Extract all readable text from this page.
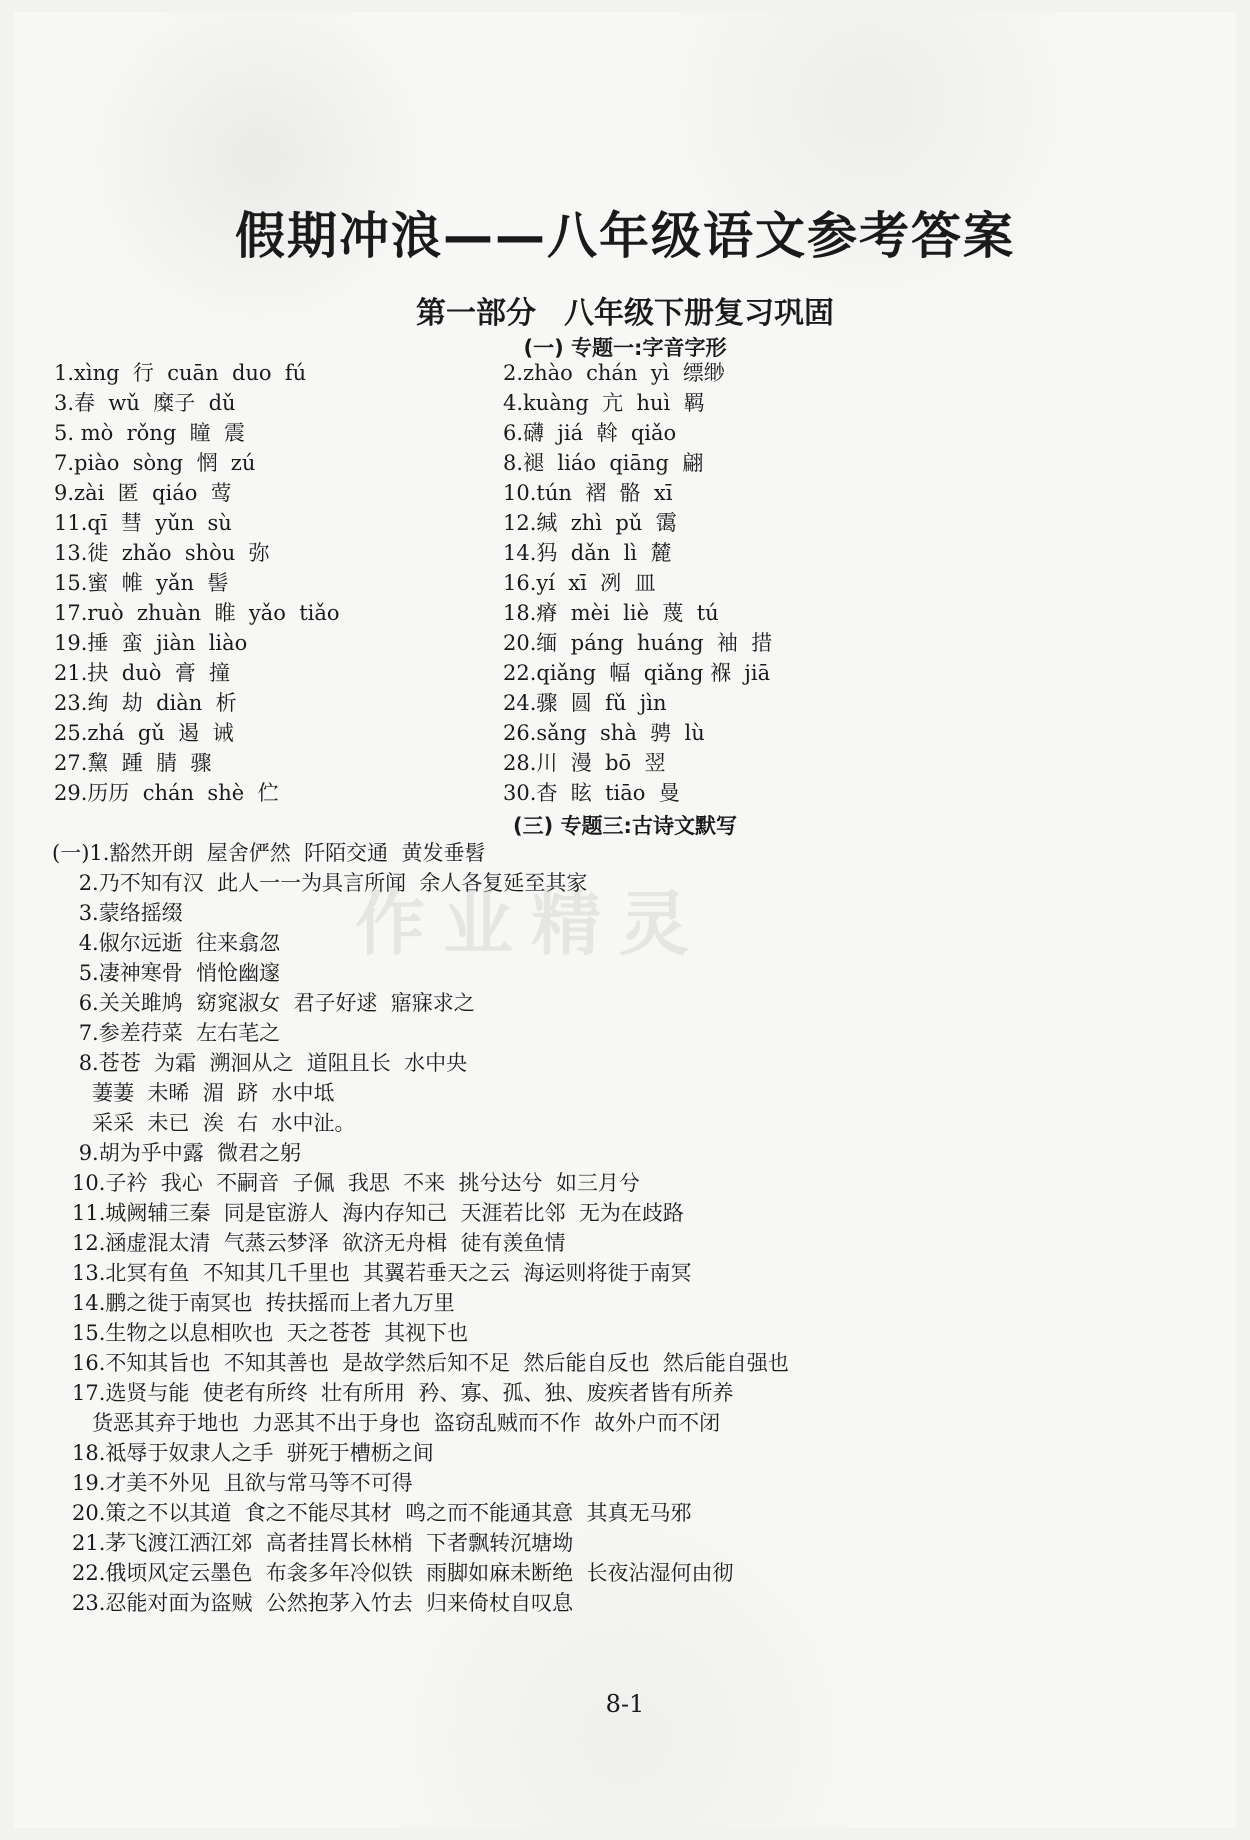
假期冲浪——八年级语文参考答案
第一部分 八年级下册复习巩固
(一) 专题一:字音字形
1.xìng  行  cuān  duo  fú
3.春  wǔ  糜子  dǔ
5. mò  rǒng  瞳  震
7.piào  sòng  惘  zú
9.zài  匿  qiáo  莺
11.qī  彗  yǔn  sù
13.徙  zhǎo  shòu  弥
15.蜜  帷  yǎn  髻
17.ruò  zhuàn  睢  yǎo  tiǎo
19.捶  蛮  jiàn  liào
21.抉  duò  膏  撞
23.绚  劫  diàn  析
25.zhá  gǔ  遏  诫
27.黧  踵  腈  骤
29.历历  chán  shè  伫
2.zhào  chán  yì  缥缈
4.kuàng  亢  huì  羁
6.礴  jiá  斡  qiǎo
8.褪  liáo  qiāng  翩
10.tún  褶  骼  xī
12.缄  zhì  pǔ  霭
14.犸  dǎn  lì  麓
16.yí  xī  冽  皿
18.瘠  mèi  liè  蔑  tú
20.缅  páng  huáng  袖  措
22.qiǎng  幅  qiǎng 褓  jiā
24.骤  圆  fǔ  jìn
26.sǎng  shà  骋  lù
28.川  漫  bō  翌
30.杳  眩  tiāo  曼
(三) 专题三:古诗文默写
作业精灵
(一)1.豁然开朗  屋舍俨然  阡陌交通  黄发垂髫
2.乃不知有汉  此人一一为具言所闻  余人各复延至其家
3.蒙络摇缀
4.俶尔远逝  往来翕忽
5.凄神寒骨  悄怆幽邃
6.关关雎鸠  窈窕淑女  君子好逑  寤寐求之
7.参差荇菜  左右芼之
8.苍苍  为霜  溯洄从之  道阻且长  水中央
萋萋  未晞  湄  跻  水中坻
采采  未已  涘  右  水中沚。
9.胡为乎中露  微君之躬
10.子衿  我心  不嗣音  子佩  我思  不来  挑兮达兮  如三月兮
11.城阙辅三秦  同是宦游人  海内存知己  天涯若比邻  无为在歧路
12.涵虚混太清  气蒸云梦泽  欲济无舟楫  徒有羡鱼情
13.北冥有鱼  不知其几千里也  其翼若垂天之云  海运则将徙于南冥
14.鹏之徙于南冥也  抟扶摇而上者九万里
15.生物之以息相吹也  天之苍苍  其视下也
16.不知其旨也  不知其善也  是故学然后知不足  然后能自反也  然后能自强也
17.选贤与能  使老有所终  壮有所用  矜、寡、孤、独、废疾者皆有所养
货恶其弃于地也  力恶其不出于身也  盗窃乱贼而不作  故外户而不闭
18.祗辱于奴隶人之手  骈死于槽枥之间
19.才美不外见  且欲与常马等不可得
20.策之不以其道  食之不能尽其材  鸣之而不能通其意  其真无马邪
21.茅飞渡江洒江郊  高者挂罥长林梢  下者飘转沉塘坳
22.俄顷风定云墨色  布衾多年冷似铁  雨脚如麻未断绝  长夜沾湿何由彻
23.忍能对面为盗贼  公然抱茅入竹去  归来倚杖自叹息
8-1
